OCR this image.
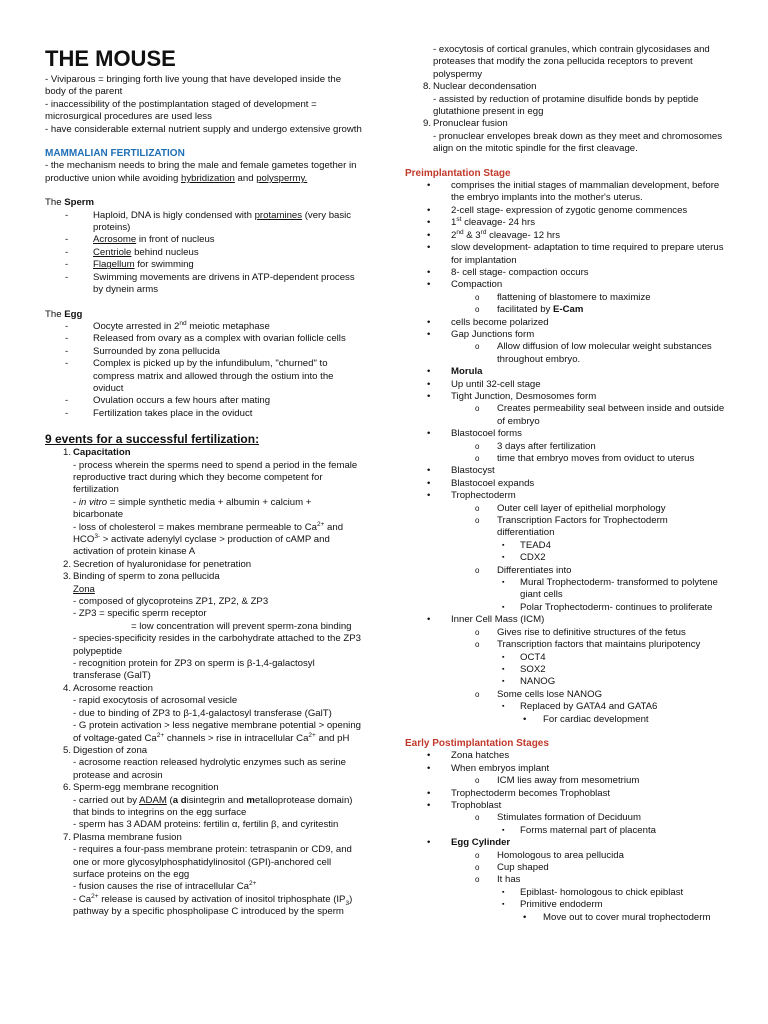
THE MOUSE

- Viviparous = bringing forth live young that have developed inside the body of the parent

- inaccessibility of the postimplantation staged of development = microsurgical procedures are used less

- have considerable external nutrient supply and undergo extensive growth

MAMMALIAN FERTILIZATION

- the mechanism needs to bring the male and female gametes together in productive union while avoiding hybridization and polyspermy.

The Sperm

-	Haploid, DNA is higly condensed with protamines (very basic proteins)

-	Acrosome in front of nucleus

-	Centriole behind nucleus

-	Flagellum for swimming

-	Swimming movements are drivens in ATP-dependent process by dynein arms

The Egg

-	Oocyte arrested in 2nd meiotic metaphase

-	Released from ovary as a complex with ovarian follicle cells

-	Surrounded by zona pellucida

-	Complex is picked up by the infundibulum, "churned" to compress matrix and allowed through the ostium into the oviduct

-	Ovulation occurs a few hours after mating

-	Fertilization takes place in the oviduct

9 events for a successful fertilization:

1. Capacitation

- process wherein the sperms need to spend a period in the female reproductive tract during which they become competent for fertilization

- in vitro = simple synthetic media + albumin + calcium + bicarbonate

- loss of cholesterol = makes membrane permeable to $Ca^{2+}$ and $HCO^{3-}$ > activate adenylyl cyclase > production of cAMP and activation of protein kinase A

2. Secretion of hyaluronidase for penetration

3. Binding of sperm to zona pellucida

Zona

- composed of glycoproteins ZP1, ZP2, & ZP3

- ZP3 = specific sperm receptor

= low concentration will prevent sperm-zona binding

- species-specificity resides in the carbohydrate attached to the ZP3 polypeptide

- recognition protein for ZP3 on sperm is β-1,4-galactosyl transferase (GalT)

4. Acrosome reaction

- rapid exocytosis of acrosomal vesicle

- due to binding of ZP3 to β-1,4-galactosyl transferase (GalT)

- G protein activation > less negative membrane potential > opening of voltage-gated $Ca^{2+}$ channels > rise in intracellular $Ca^{2+}$ and pH

5. Digestion of zona

- acrosome reaction released hydrolytic enzymes such as serine protease and acrosin

6. Sperm-egg membrane recognition

- carried out by ADAM (a disintegrin and metalloprotease domain) that binds to integrins on the egg surface

- sperm has 3 ADAM proteins: fertilin α, fertilin β, and cyritestin

7. Plasma membrane fusion

- requires a four-pass membrane protein: tetraspanin or CD9, and one or more glycosylphosphatidylinositol (GPI)-anchored cell surface proteins on the egg

- fusion causes the rise of intracellular $Ca^{2+}$

- $Ca^{2+}$ release is caused by activation of inositol triphosphate $(IP_3)$ pathway by a specific phospholipase C introduced by the sperm

- exocytosis of cortical granules, which contrain glycosidases and proteases that modify the zona pellucida receptors to prevent polyspermy

8. Nuclear decondensation

- assisted by reduction of protamine disulfide bonds by peptide glutathione present in egg

9. Pronuclear fusion

- pronuclear envelopes break down as they meet and chromosomes align on the mitotic spindle for the first cleavage.

Preimplantation Stage

• comprises the initial stages of mammalian development, before the embryo implants into the mother's uterus.

• 2-cell stage- expression of zygotic genome commences

• 1st cleavage- 24 hrs

• 2nd & 3rd cleavage- 12 hrs

• slow development- adaptation to time required to prepare uterus for implantation

• 8- cell stage- compaction occurs

• Compaction

o flattening of blastomere to maximize

o facilitated by E-Cam

• cells become polarized

• Gap Junctions form

o Allow diffusion of low molecular weight substances throughout embryo.

• Morula

• Up until 32-cell stage

• Tight Junction, Desmosomes form

o Creates permeability seal between inside and outside of embryo

• Blastocoel forms

o 3 days after fertilization

o time that embryo moves from oviduct to uterus

• Blastocyst

• Blastocoel expands

• Trophectoderm

o Outer cell layer of epithelial morphology

o Transcription Factors for Trophectoderm differentiation

▪ TEAD4

▪ CDX2

o Differentiates into

▪ Mural Trophectoderm- transformed to polytene giant cells

▪ Polar Trophectoderm- continues to proliferate

• Inner Cell Mass (ICM)

o Gives rise to definitive structures of the fetus

o Transcription factors that maintains pluripotency

▪ OCT4

▪ SOX2

▪ NANOG

o Some cells lose NANOG

▪ Replaced by GATA4 and GATA6

• For cardiac development

Early Postimplantation Stages

• Zona hatches

• When embryos implant

o ICM lies away from mesometrium

• Trophectoderm becomes Trophoblast

• Trophoblast

o Stimulates formation of Deciduum

▪ Forms maternal part of placenta

• Egg Cylinder

o Homologous to area pellucida

o Cup shaped

o It has

▪ Epiblast- homologous to chick epiblast

▪ Primitive endoderm

• Move out to cover mural trophectoderm
